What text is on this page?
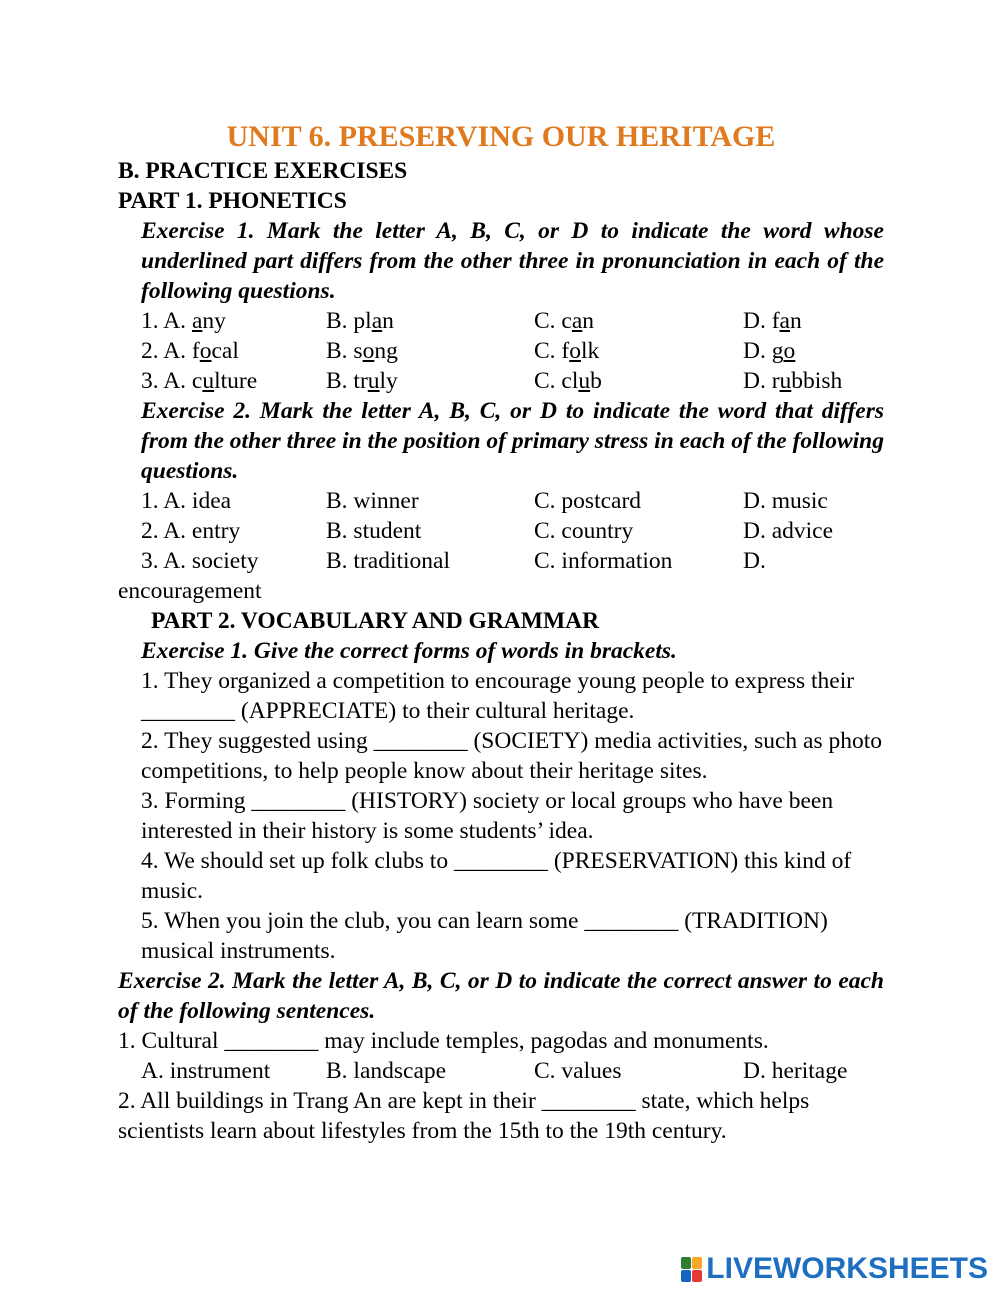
UNIT 6. PRESERVING OUR HERITAGE
B. PRACTICE EXERCISES
PART 1. PHONETICS
Exercise 1. Mark the letter A, B, C, or D to indicate the word whose underlined part differs from the other three in pronunciation in each of the following questions.
1. A. any	B. plan	C. can	D. fan
2. A. focal	B. song	C. folk	D. go
3. A. culture	B. truly	C. club	D. rubbish
Exercise 2. Mark the letter A, B, C, or D to indicate the word that differs from the other three in the position of primary stress in each of the following questions.
1. A. idea	B. winner	C. postcard	D. music
2. A. entry	B. student	C. country	D. advice
3. A. society	B. traditional	C. information	D.
encouragement
PART 2. VOCABULARY AND GRAMMAR
Exercise 1. Give the correct forms of words in brackets.
1. They organized a competition to encourage young people to express their ________ (APPRECIATE) to their cultural heritage.
2. They suggested using ________ (SOCIETY) media activities, such as photo competitions, to help people know about their heritage sites.
3. Forming ________ (HISTORY) society or local groups who have been interested in their history is some students’ idea.
4. We should set up folk clubs to ________ (PRESERVATION) this kind of music.
5. When you join the club, you can learn some ________ (TRADITION) musical instruments.
Exercise 2. Mark the letter A, B, C, or D to indicate the correct answer to each of the following sentences.
1. Cultural ________ may include temples, pagodas and monuments.
A. instrument	B. landscape	C. values	D. heritage
2. All buildings in Trang An are kept in their ________ state, which helps scientists learn about lifestyles from the 15th to the 19th century.
LIVEWORKSHEETS
